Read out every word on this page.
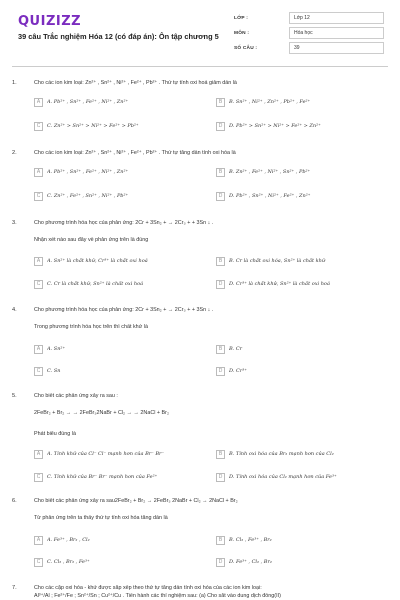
QUIZIZZ
39 câu Trắc nghiệm Hóa 12 (có đáp án): Ôn tập chương 5
LỚP :	Lớp 12
MÔN :	Hóa học
SỐ CÂU :	39
1.	Cho các ion kim loại: Zn²⁺ , Sn²⁺ , Ni²⁺ , Fe²⁺ , Pb²⁺ . Thứ tự tính oxi hoá giảm dần là
A	A. Pb²⁺ , Sn²⁺ , Fe²⁺ , Ni²⁺ , Zn²⁺	B	B. Sn²⁺ , Ni²⁺ , Zn²⁺ , Pb²⁺ , Fe²⁺
C	C. Zn²⁺ > Sn²⁺ > Ni²⁺ > Fe²⁺ > Pb²⁺	D	D. Pb²⁺ > Sn²⁺ > Ni²⁺ > Fe²⁺ > Zn²⁺
2.	Cho các ion kim loại: Zn²⁺ , Sn²⁺ , Ni²⁺ , Fe²⁺ , Pb²⁺ . Thứ tự tăng dần tính oxi hóa là
A	A. Pb²⁺ , Sn²⁺ , Fe²⁺ , Ni²⁺ , Zn²⁺	B	B. Zn²⁺ , Fe²⁺ , Ni²⁺ , Sn²⁺ , Pb²⁺
C	C. Zn²⁺ , Fe²⁺ , Sn²⁺ , Ni²⁺ , Pb²⁺	D	D. Pb²⁺ , Sn²⁺ , Ni²⁺ , Fe²⁺ , Zn²⁺
3.	Cho phương trình hóa học của phản ứng: 2Cr + 3Sn₂ + → 2Cr₃ + + 3Sn ↓ .
Nhận xét nào sau đây về phản ứng trên là đúng
A	A. Sn²⁺ là chất khử, Cr³⁺ là chất oxi hoá	B	B. Cr là chất oxi hóa, Sn²⁺ là chất khử
C	C. Cr là chất khử, Sn²⁺ là chất oxi hoá	D	D. Cr³⁺ là chất khử, Sn²⁺ là chất oxi hoá
4.	Cho phương trình hóa học của phản ứng: 2Cr + 3Sn₂ + → 2Cr₃ + + 3Sn ↓ .
Trong phương trình hóa học trên thì chất khử là
A	A. Sn²⁺	B	B. Cr
C	C. Sn	D	D. Cr³⁺
5.	Cho biết các phản ứng xảy ra sau :
2FeBr₂ + Br₂ → → 2FeBr₃2NaBr + Cl₂ → → 2NaCl + Br₂
Phát biểu đúng là
A	A. Tính khử của Cl⁻ Cl⁻ mạnh hơn của Br⁻ Br⁻	B	B. Tính oxi hóa của Br₂ mạnh hơn của Cl₂
C	C. Tính khử của Br⁻ Br⁻ mạnh hơn của Fe²⁺	D	D. Tính oxi hóa của Cl₂ mạnh hơn của Fe³⁺
6.	Cho biết các phản ứng xảy ra sau2FeBr₂ + Br₂ → 2FeBr₃ 2NaBr + Cl₂ → 2NaCl + Br₂
Từ phản ứng trên ta thấy thứ tự tính oxi hóa tăng dần là
A	A. Fe³⁺ , Br₂ , Cl₂	B	B. Cl₂ , Fe³⁺ , Br₂
C	C. Cl₂ , Br₂ , Fe³⁺	D	D. Fe³⁺ , Cl₂ , Br₂
7.	Cho các cặp oxi hóa - khử được sắp xếp theo thứ tự tăng dần tính oxi hóa của các ion kim loại:
Al³⁺/Al ; Fe²⁺/Fe ; Sn²⁺/Sn ; Cu²⁺/Cu . Tiến hành các thí nghiệm sau: (a) Cho sắt vào dung dịch đồng(II)
